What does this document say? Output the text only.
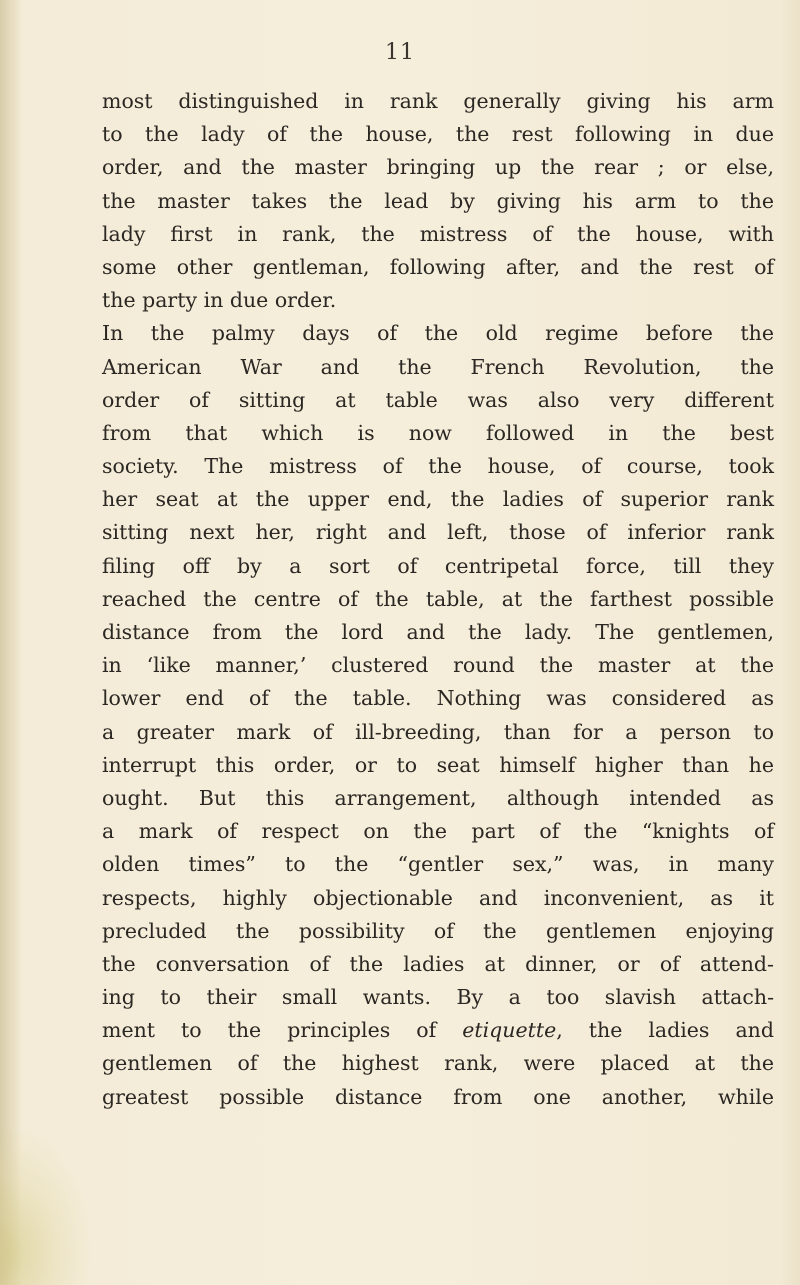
11
most distinguished in rank generally giving his arm
to the lady of the house, the rest following in due
order, and the master bringing up the rear ; or else,
the master takes the lead by giving his arm to the
lady first in rank, the mistress of the house, with
some other gentleman, following after, and the rest of
the party in due order.
In the palmy days of the old regime before the
American War and the French Revolution, the
order of sitting at table was also very different
from that which is now followed in the best
society. The mistress of the house, of course, took
her seat at the upper end, the ladies of superior rank
sitting next her, right and left, those of inferior rank
filing off by a sort of centripetal force, till they
reached the centre of the table, at the farthest possible
distance from the lord and the lady. The gentlemen,
in ‘like manner,’ clustered round the master at the
lower end of the table. Nothing was considered as
a greater mark of ill-breeding, than for a person to
interrupt this order, or to seat himself higher than he
ought. But this arrangement, although intended as
a mark of respect on the part of the “knights of
olden times” to the “gentler sex,” was, in many
respects, highly objectionable and inconvenient, as it
precluded the possibility of the gentlemen enjoying
the conversation of the ladies at dinner, or of attend-
ing to their small wants. By a too slavish attach-
ment to the principles of etiquette, the ladies and
gentlemen of the highest rank, were placed at the
greatest possible distance from one another, while
